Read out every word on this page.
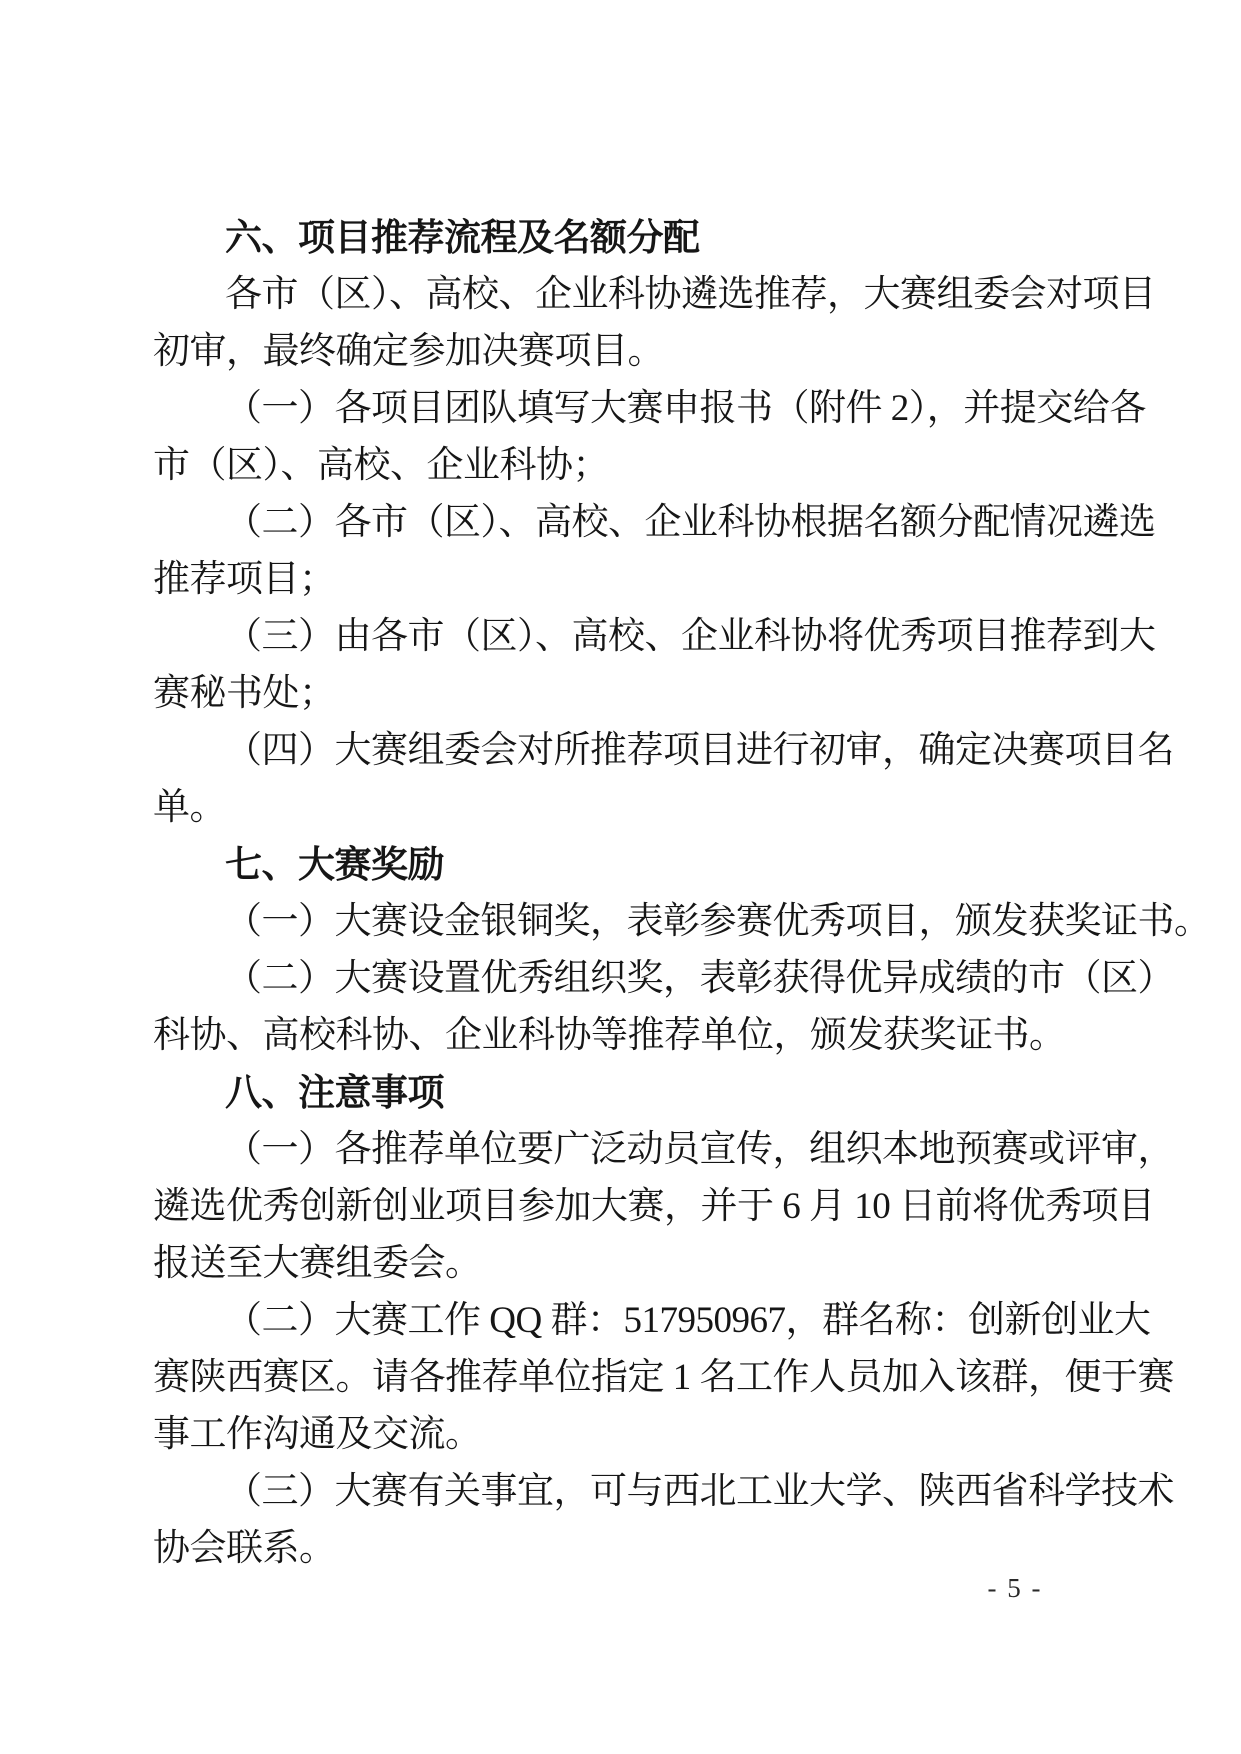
六、项目推荐流程及名额分配
各市（区）、高校、企业科协遴选推荐，大赛组委会对项目
初审，最终确定参加决赛项目。
（一）各项目团队填写大赛申报书（附件 2），并提交给各
市（区）、高校、企业科协；
（二）各市（区）、高校、企业科协根据名额分配情况遴选
推荐项目；
（三）由各市（区）、高校、企业科协将优秀项目推荐到大
赛秘书处；
（四）大赛组委会对所推荐项目进行初审，确定决赛项目名
单。
七、大赛奖励
（一）大赛设金银铜奖，表彰参赛优秀项目，颁发获奖证书。
（二）大赛设置优秀组织奖，表彰获得优异成绩的市（区）
科协、高校科协、企业科协等推荐单位，颁发获奖证书。
八、注意事项
（一）各推荐单位要广泛动员宣传，组织本地预赛或评审，
遴选优秀创新创业项目参加大赛，并于 6 月 10 日前将优秀项目
报送至大赛组委会。
（二）大赛工作 QQ 群：517950967，群名称：创新创业大
赛陕西赛区。请各推荐单位指定 1 名工作人员加入该群，便于赛
事工作沟通及交流。
（三）大赛有关事宜，可与西北工业大学、陕西省科学技术
协会联系。
- 5 -
